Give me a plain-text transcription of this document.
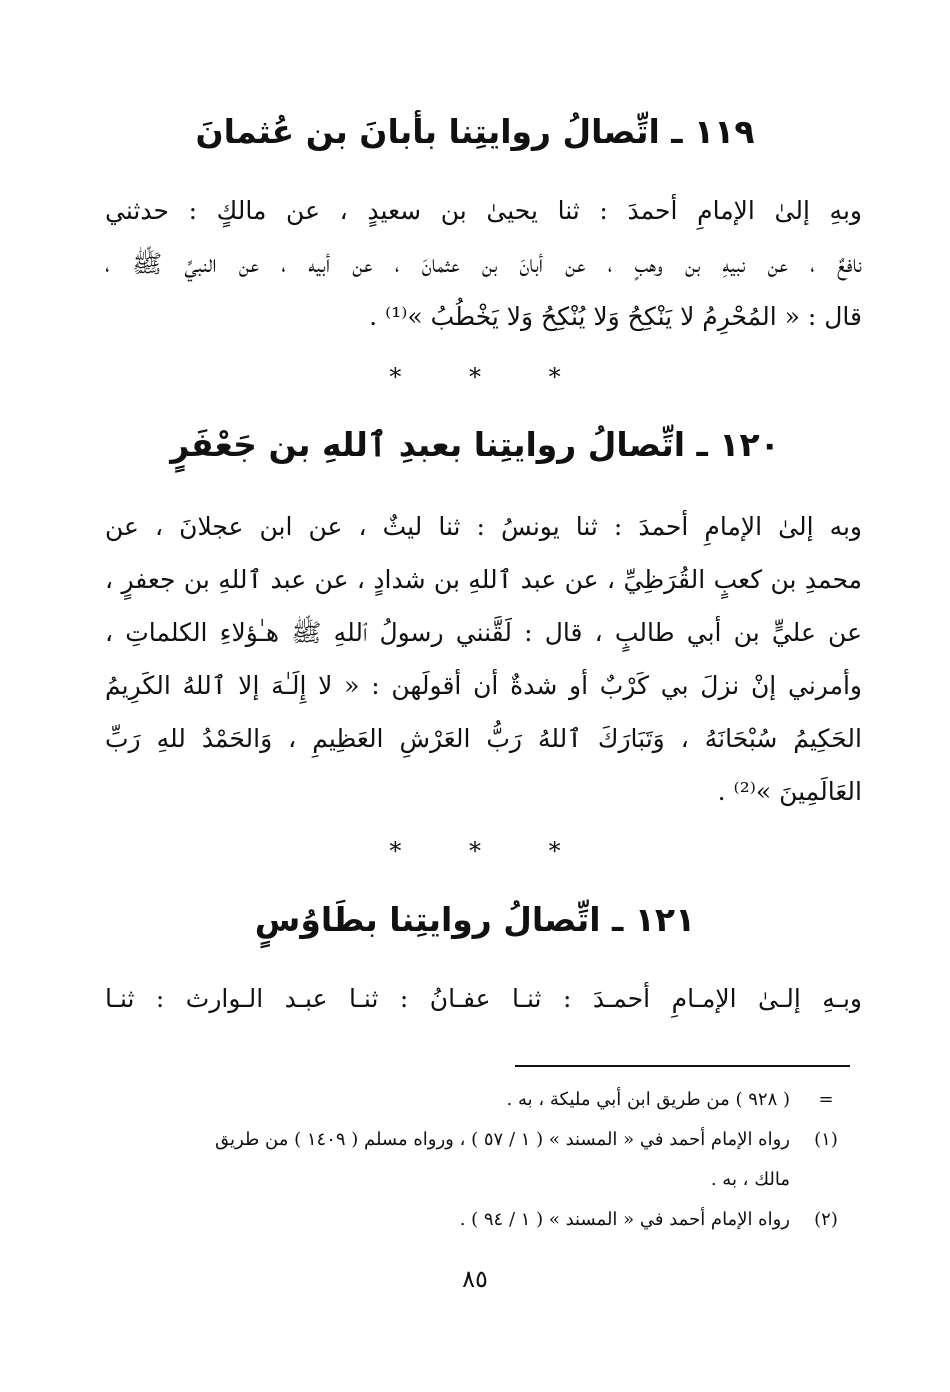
١١٩ ـ اتِّصالُ روايتِنا بأبانَ بن عُثمانَ
وبهِ إلىٰ الإمامِ أحمدَ : ثنا يحيىٰ بن سعيدٍ ، عن مالكٍ : حدثني
نافعٌ ، عن نبيهِ بن وهبٍ ، عن أبانَ بن عثمانَ ، عن أبيه ، عن النبيِّ ﷺ ،
قال : « المُحْرِمُ لا يَنْكِحُ وَلا يُنْكِحُ وَلا يَخْطُبُ »⁽¹⁾ .
* * *
١٢٠ ـ اتِّصالُ روايتِنا بعبدِ ٱللهِ بن جَعْفَرٍ
وبه إلىٰ الإمامِ أحمدَ : ثنا يونسُ : ثنا ليثٌ ، عن ابن عجلانَ ، عن
محمدِ بن كعبٍ القُرَظِيِّ ، عن عبد ٱللهِ بن شدادٍ ، عن عبد ٱللهِ بن جعفرٍ ،
عن عليٍّ بن أبي طالبٍ ، قال : لَقَّنني رسولُ ٱللهِ ﷺ هـٰؤلاءِ الكلماتِ ،
وأمرني إنْ نزلَ بي كَرْبٌ أو شدةٌ أن أقولَهن : « لا إِلَـٰهَ إلا ٱللهُ الكَرِيمُ
الحَكِيمُ سُبْحَانَهُ ، وَتَبَارَكَ ٱللهُ رَبُّ العَرْشِ العَظِيمِ ، وَالحَمْدُ للهِ رَبِّ
العَالَمِينَ »⁽²⁾ .
* * *
١٢١ ـ اتِّصالُ روايتِنا بطَاوُسٍ
وبـهِ إلـىٰ الإمـامِ أحمـدَ : ثنـا عفـانُ : ثنـا عبـد الـوارث : ثنـا
=
( ٩٢٨ ) من طريق ابن أبي مليكة ، به .
(١)
رواه الإمام أحمد في « المسند » ( ١ / ٥٧ ) ، ورواه مسلم ( ١٤٠٩ ) من طريق
مالك ، به .
(٢)
رواه الإمام أحمد في « المسند » ( ١ / ٩٤ ) .
٨٥
